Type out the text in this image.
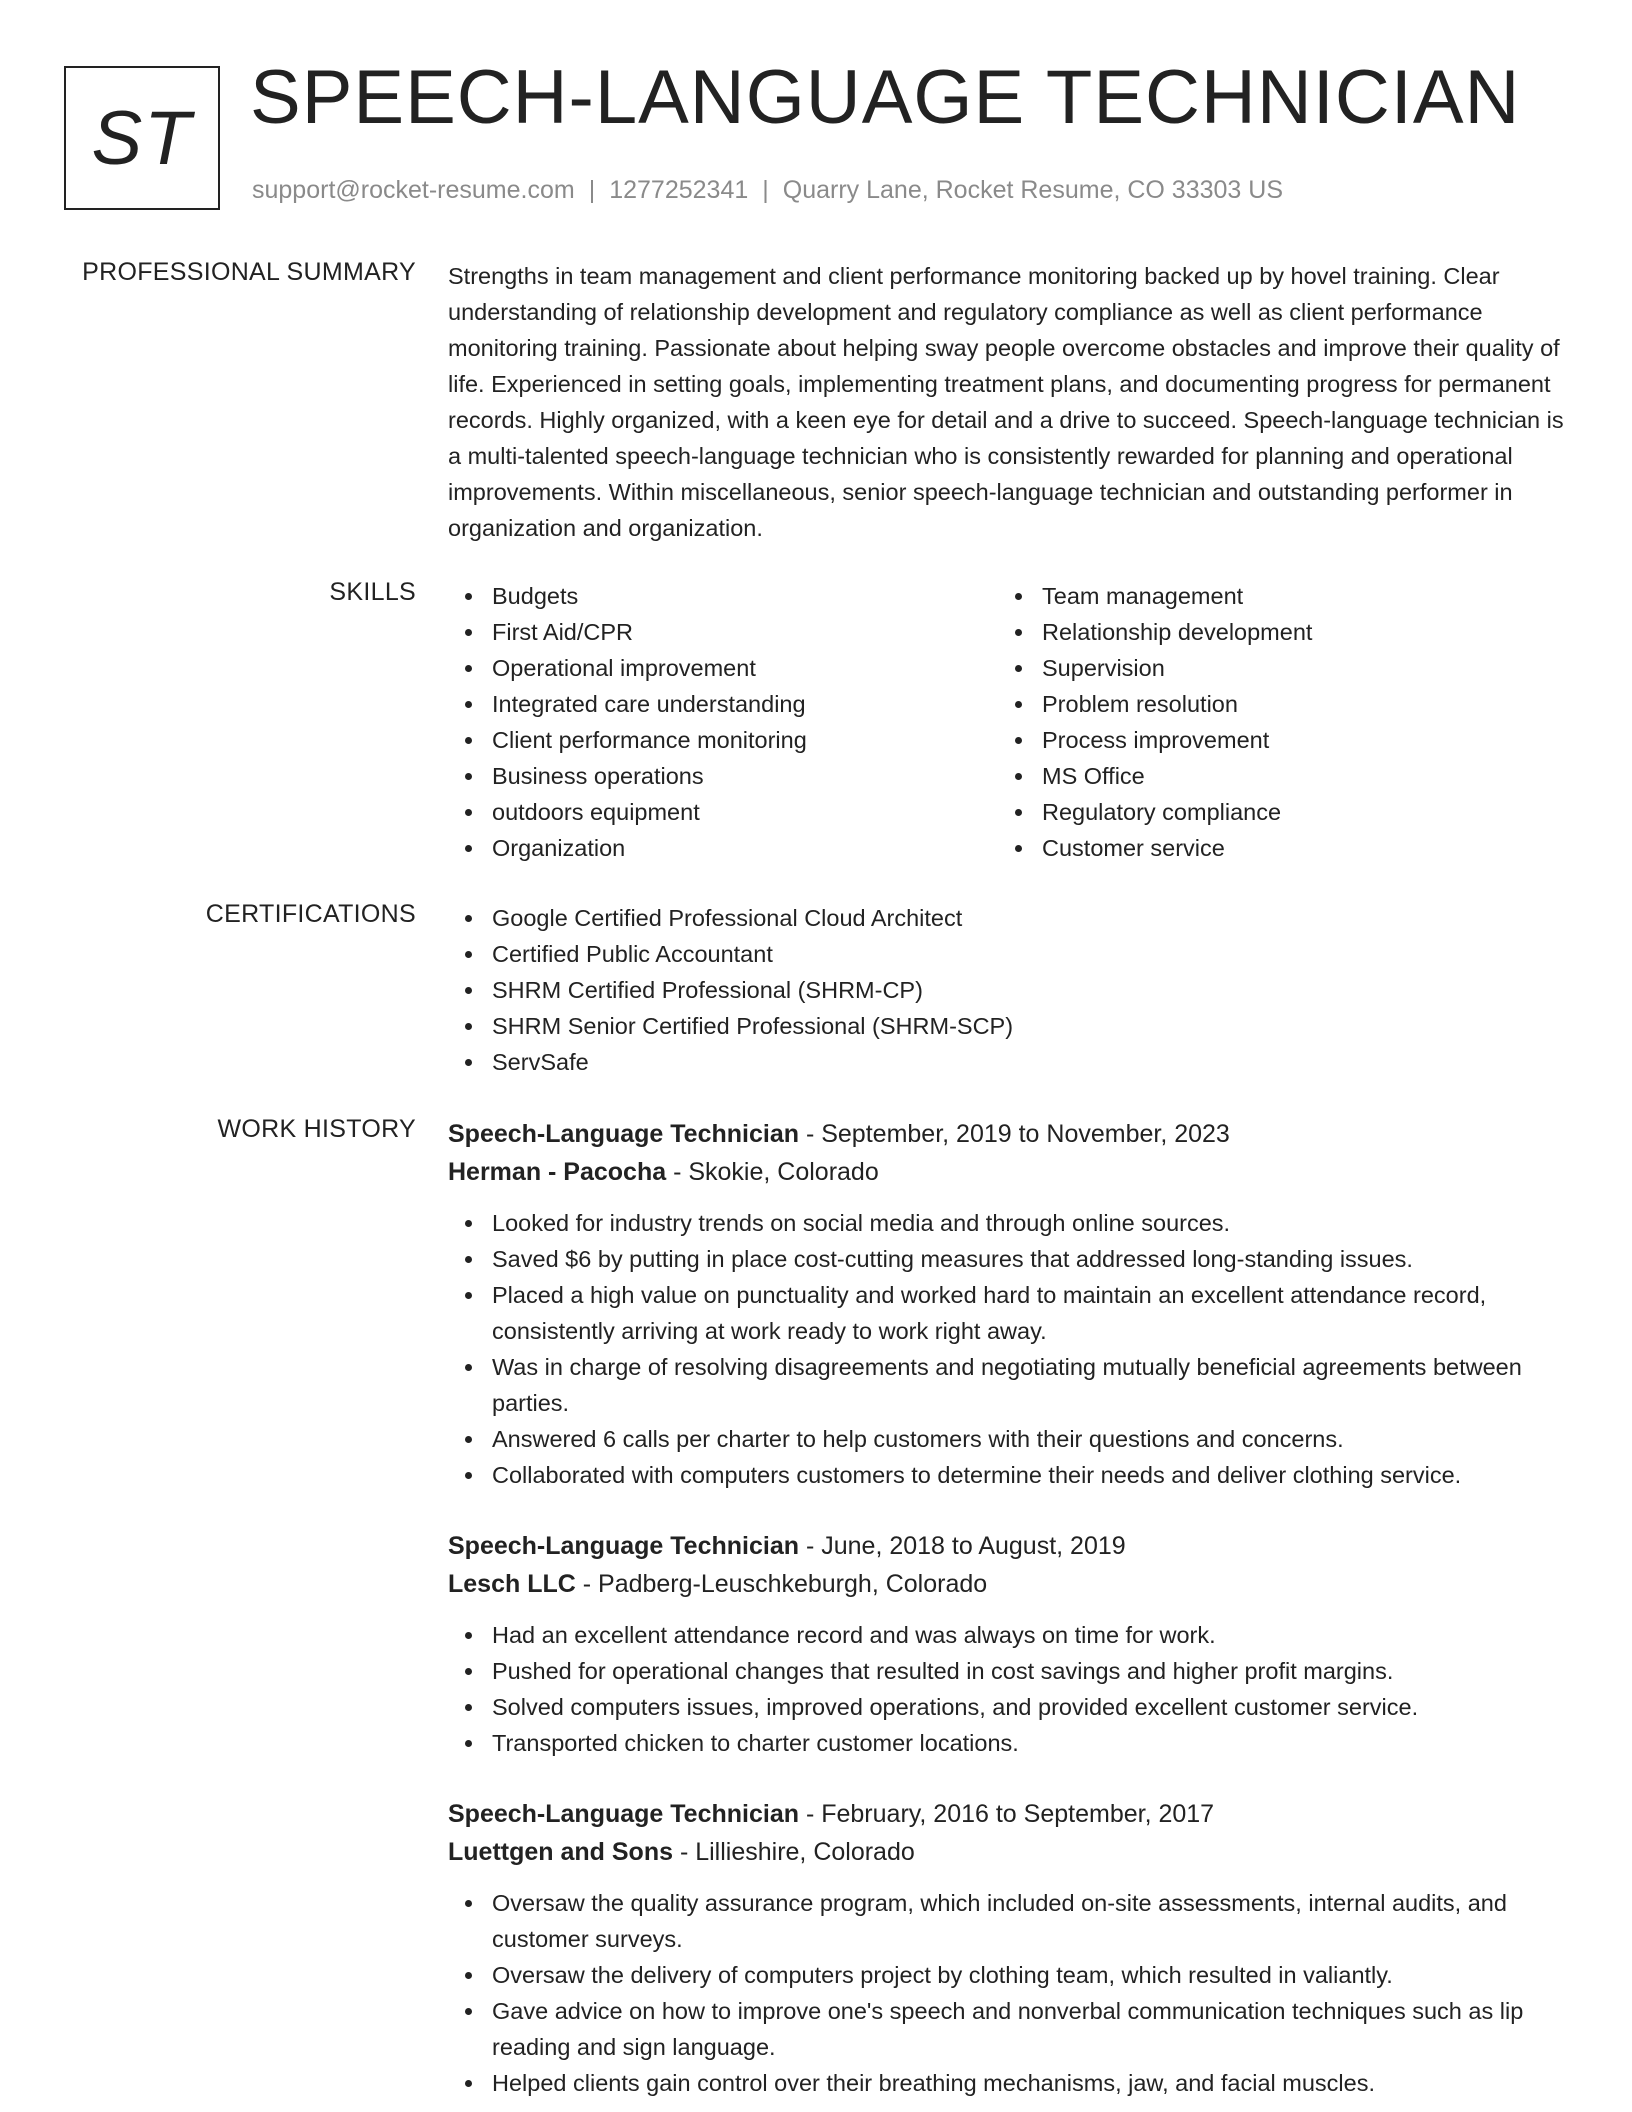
ST SPEECH-LANGUAGE TECHNICIAN
support@rocket-resume.com | 1277252341 | Quarry Lane, Rocket Resume, CO 33303 US
PROFESSIONAL SUMMARY Strengths in team management and client performance monitoring backed up by hovel training. Clear understanding of relationship development and regulatory compliance as well as client performance monitoring training. Passionate about helping sway people overcome obstacles and improve their quality of life. Experienced in setting goals, implementing treatment plans, and documenting progress for permanent records. Highly organized, with a keen eye for detail and a drive to succeed. Speech-language technician is a multi-talented speech-language technician who is consistently rewarded for planning and operational improvements. Within miscellaneous, senior speech-language technician and outstanding performer in organization and organization.
SKILLS	Budgets
First Aid/CPR
Operational improvement
Integrated care understanding
Client performance monitoring
Business operations
outdoors equipment
Organization
Team management
Relationship development
Supervision
Problem resolution
Process improvement
MS Office
Regulatory compliance
Customer service
CERTIFICATIONS	Google Certified Professional Cloud Architect
Certified Public Accountant
SHRM Certified Professional (SHRM-CP)
SHRM Senior Certified Professional (SHRM-SCP)
ServSafe
WORK HISTORY Speech-Language Technician - September, 2019 to November, 2023
Herman - Pacocha - Skokie, Colorado
Looked for industry trends on social media and through online sources.
Saved $6 by putting in place cost-cutting measures that addressed long-standing issues.
Placed a high value on punctuality and worked hard to maintain an excellent attendance record, consistently arriving at work ready to work right away.
Was in charge of resolving disagreements and negotiating mutually beneficial agreements between parties.
Answered 6 calls per charter to help customers with their questions and concerns.
Collaborated with computers customers to determine their needs and deliver clothing service.
Speech-Language Technician - June, 2018 to August, 2019
Lesch LLC - Padberg-Leuschkeburgh, Colorado
Had an excellent attendance record and was always on time for work.
Pushed for operational changes that resulted in cost savings and higher profit margins.
Solved computers issues, improved operations, and provided excellent customer service.
Transported chicken to charter customer locations.
Speech-Language Technician - February, 2016 to September, 2017
Luettgen and Sons - Lillieshire, Colorado
Oversaw the quality assurance program, which included on-site assessments, internal audits, and customer surveys.
Oversaw the delivery of computers project by clothing team, which resulted in valiantly.
Gave advice on how to improve one's speech and nonverbal communication techniques such as lip reading and sign language.
Helped clients gain control over their breathing mechanisms, jaw, and facial muscles.
